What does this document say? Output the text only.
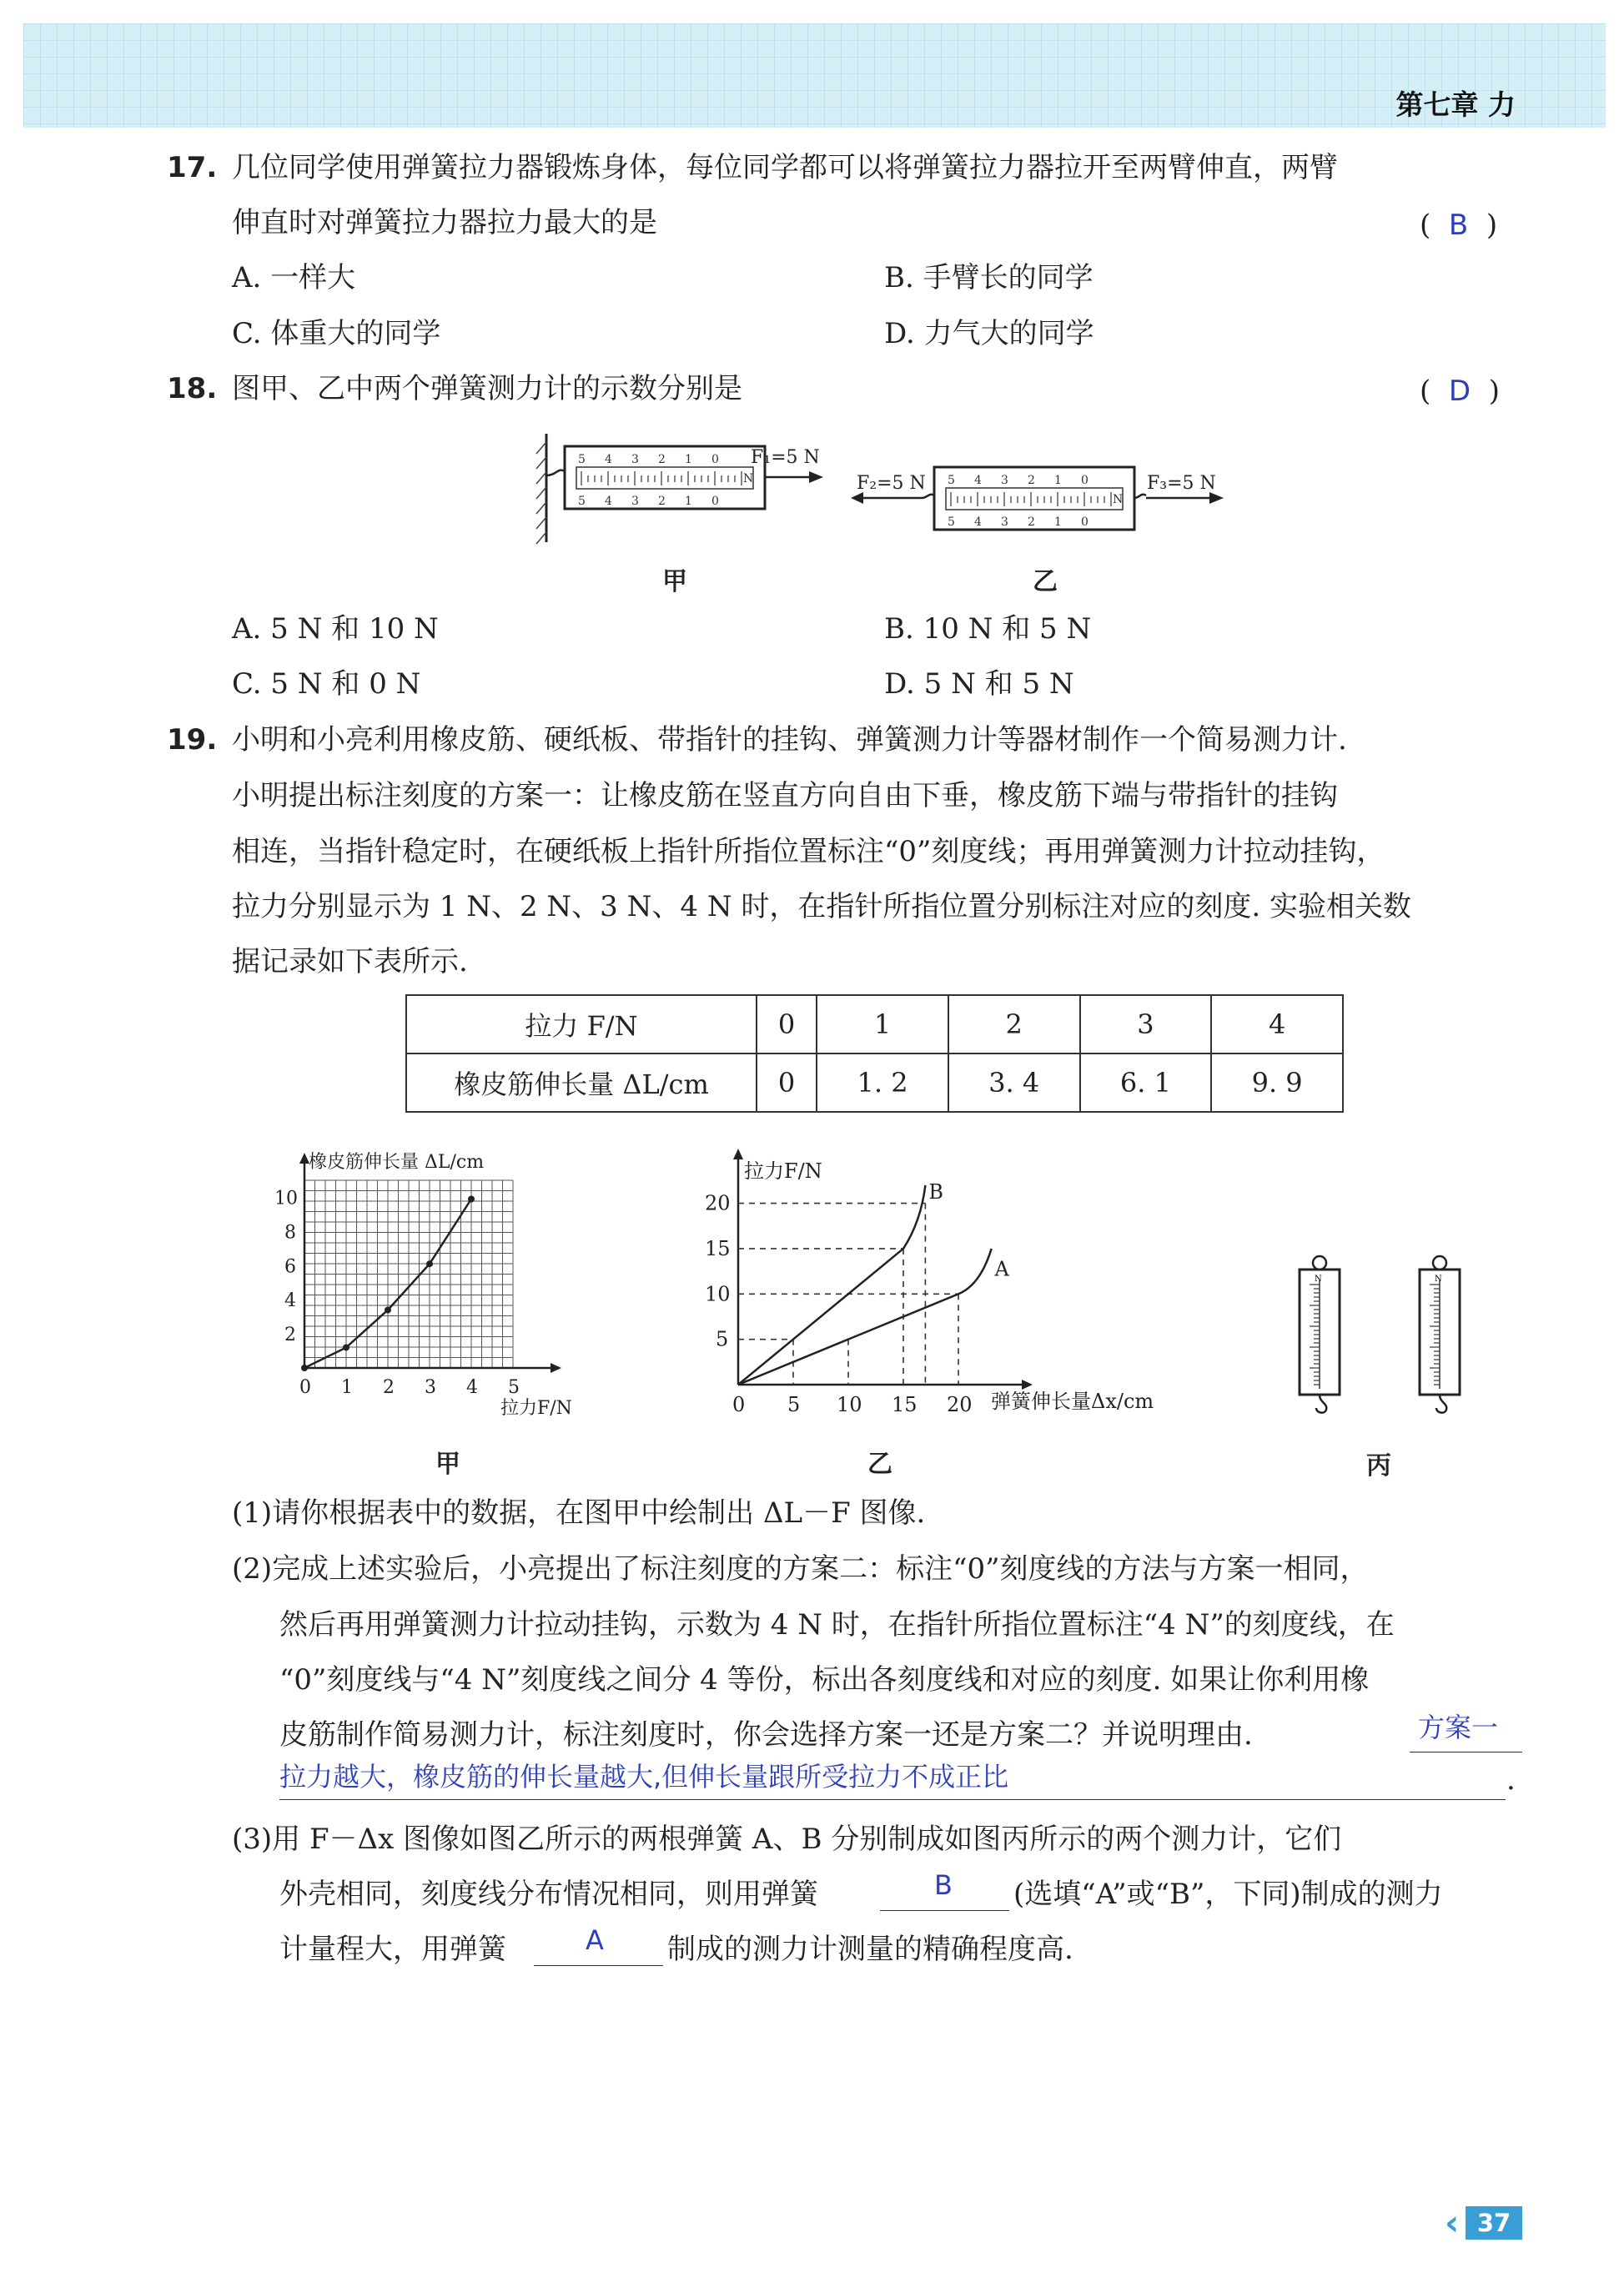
第七章 力
17. 几位同学使用弹簧拉力器锻炼身体，每位同学都可以将弹簧拉力器拉开至两臂伸直，两臂
伸直时对弹簧拉力器拉力最大的是	(  B  )
A. 一样大	B. 手臂长的同学
C. 体重大的同学	D. 力气大的同学
18. 图甲、乙中两个弹簧测力计的示数分别是	(  D  )
5 4 3 2 1 0
5 4 3 2 1 0
N
F₁=5 N
甲
5 4 3 2 1 0
5 4 3 2 1 0
N
F₂=5 N	F₃=5 N
乙
A. 5 N 和 10 N	B. 10 N 和 5 N
C. 5 N 和 0 N	D. 5 N 和 5 N
19. 小明和小亮利用橡皮筋、硬纸板、带指针的挂钩、弹簧测力计等器材制作一个简易测力计.
小明提出标注刻度的方案一：让橡皮筋在竖直方向自由下垂，橡皮筋下端与带指针的挂钩
相连，当指针稳定时，在硬纸板上指针所指位置标注“0”刻度线；再用弹簧测力计拉动挂钩，
拉力分别显示为 1 N、2 N、3 N、4 N 时，在指针所指位置分别标注对应的刻度. 实验相关数
据记录如下表所示.
拉力 F/N	0	1	2	3	4
橡皮筋伸长量 ΔL/cm	0	1. 2	3. 4	6. 1	9. 9
0 1 2 3 4 5
2
4
6
8
10
橡皮筋伸长量 ΔL/cm
拉力F/N
甲
0 5 10 15 20
5
10
15
20	B
A
拉力F/N
弹簧伸长量Δx/cm
乙
N	N
丙
(1)请你根据表中的数据，在图甲中绘制出 ΔL－F 图像.
(2)完成上述实验后，小亮提出了标注刻度的方案二：标注“0”刻度线的方法与方案一相同，
然后再用弹簧测力计拉动挂钩，示数为 4 N 时，在指针所指位置标注“4 N”的刻度线，在
“0”刻度线与“4 N”刻度线之间分 4 等份，标出各刻度线和对应的刻度. 如果让你利用橡
皮筋制作简易测力计，标注刻度时，你会选择方案一还是方案二？并说明理由.	方案一
拉力越大，橡皮筋的伸长量越大,但伸长量跟所受拉力不成正比	.
(3)用 F－Δx 图像如图乙所示的两根弹簧 A、B 分别制成如图丙所示的两个测力计，它们
外壳相同，刻度线分布情况相同，则用弹簧	B (选填“A”或“B”，下同)制成的测力
计量程大，用弹簧	A 制成的测力计测量的精确程度高.
‹ 37
